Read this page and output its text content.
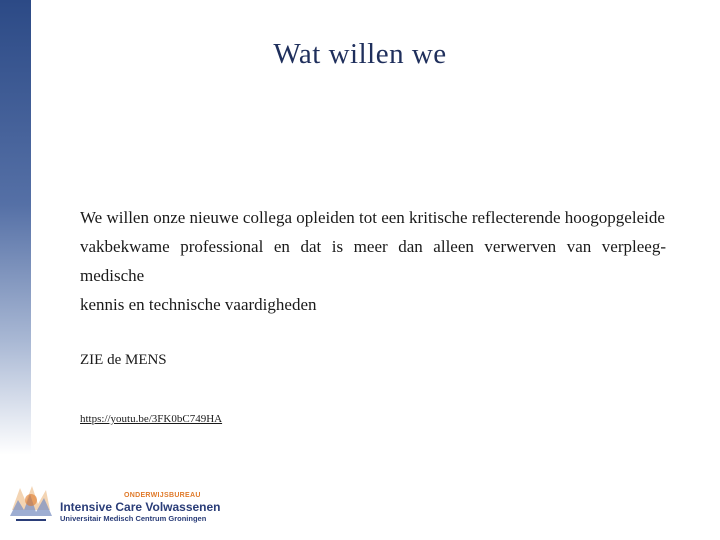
Wat willen we
We willen onze nieuwe collega opleiden tot een kritische reflecterende hoogopgeleide
vakbekwame professional en dat is meer dan alleen verwerven van verpleeg-medische
kennis en technische vaardigheden
ZIE de MENS
https://youtu.be/3FK0bC749HA
ONDERWIJSBUREAU
Intensive Care Volwassenen
Universitair Medisch Centrum Groningen
